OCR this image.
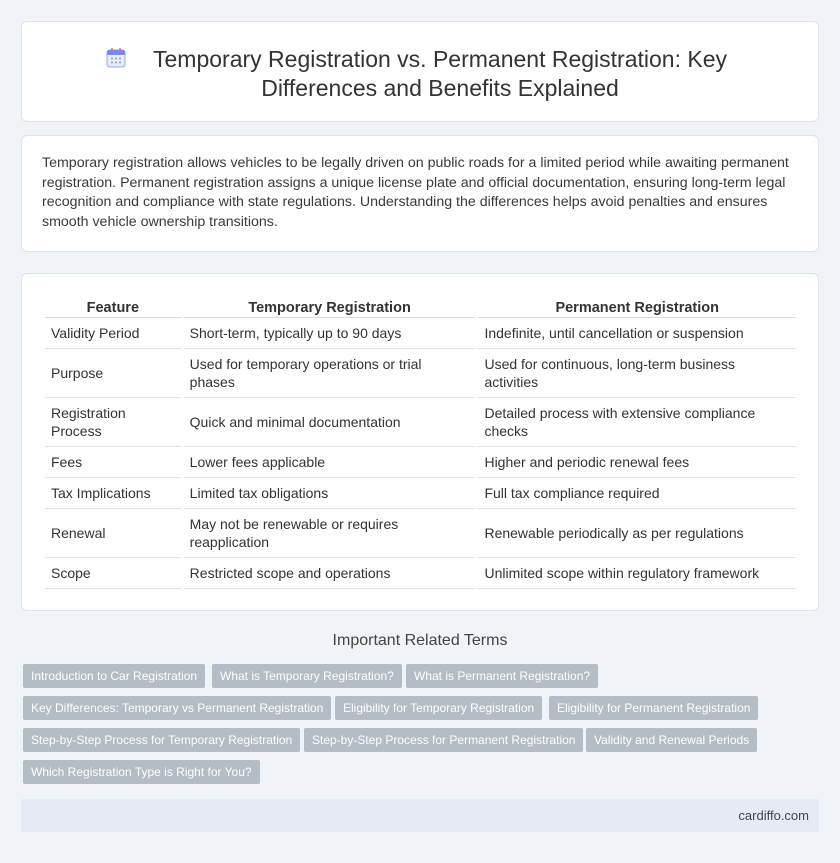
Temporary Registration vs. Permanent Registration: Key Differences and Benefits Explained

Temporary registration allows vehicles to be legally driven on public roads for a limited period while awaiting permanent registration. Permanent registration assigns a unique license plate and official documentation, ensuring long-term legal recognition and compliance with state regulations. Understanding the differences helps avoid penalties and ensures smooth vehicle ownership transitions.

Feature	Temporary Registration	Permanent Registration
Validity Period	Short-term, typically up to 90 days	Indefinite, until cancellation or suspension
Purpose	Used for temporary operations or trial phases	Used for continuous, long-term business activities
Registration Process	Quick and minimal documentation	Detailed process with extensive compliance checks
Fees	Lower fees applicable	Higher and periodic renewal fees
Tax Implications	Limited tax obligations	Full tax compliance required
Renewal	May not be renewable or requires reapplication	Renewable periodically as per regulations
Scope	Restricted scope and operations	Unlimited scope within regulatory framework
Important Related Terms
Introduction to Car Registration	What is Temporary Registration?	What is Permanent Registration?
Key Differences: Temporary vs Permanent Registration	Eligibility for Temporary Registration	Eligibility for Permanent Registration
Step-by-Step Process for Temporary Registration	Step-by-Step Process for Permanent Registration	Validity and Renewal Periods
Which Registration Type is Right for You?
cardiffo.com
